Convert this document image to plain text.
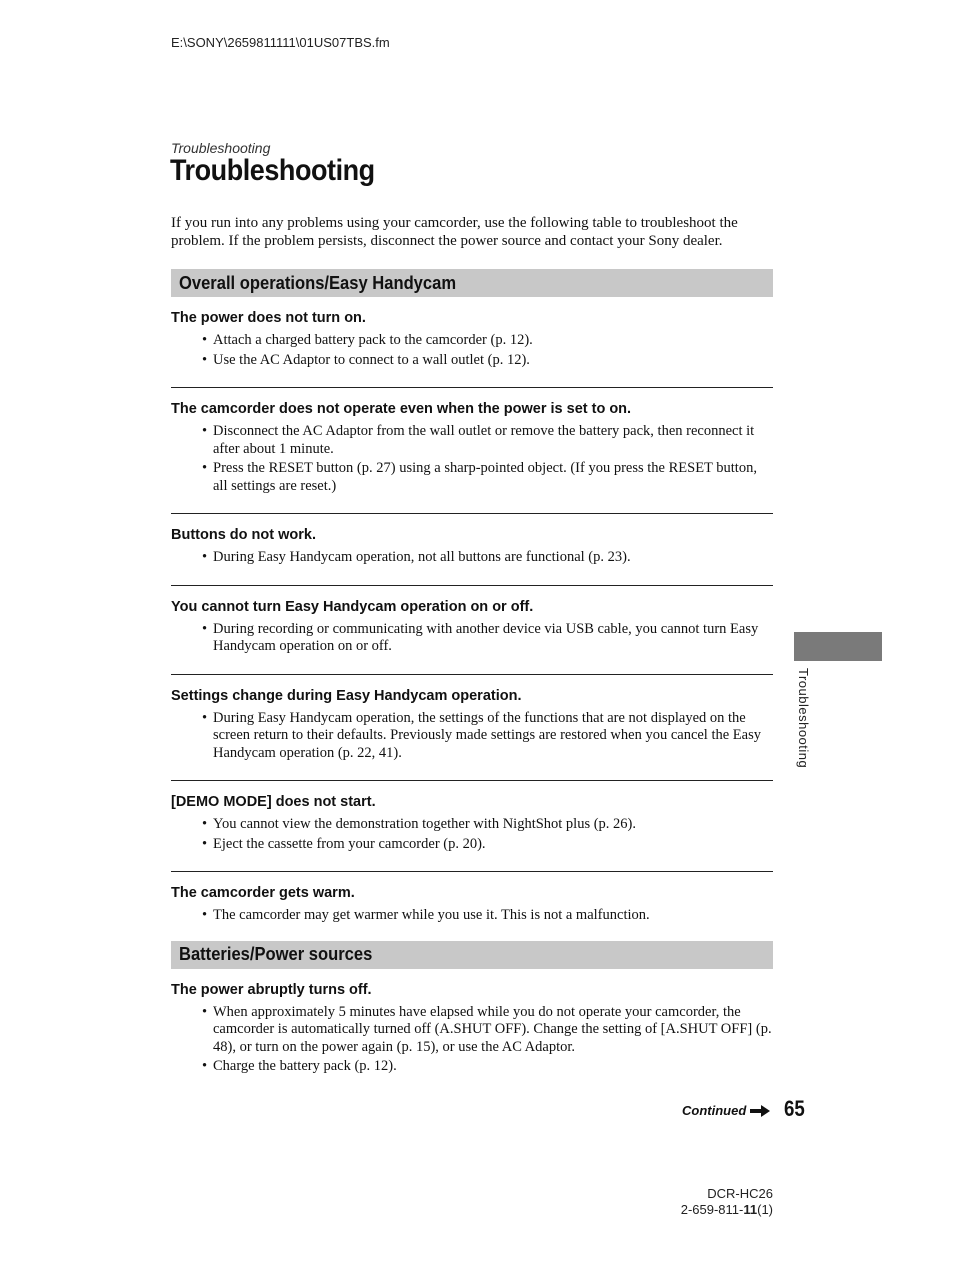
E:\SONY\2659811111\01US07TBS.fm
Troubleshooting
Troubleshooting

If you run into any problems using your camcorder, use the following table to troubleshoot the problem. If the problem persists, disconnect the power source and contact your Sony dealer.

Overall operations/Easy Handycam
The power does not turn on.
• Attach a charged battery pack to the camcorder (p. 12).
• Use the AC Adaptor to connect to a wall outlet (p. 12).
The camcorder does not operate even when the power is set to on.
• Disconnect the AC Adaptor from the wall outlet or remove the battery pack, then reconnect it after about 1 minute.
• Press the RESET button (p. 27) using a sharp-pointed object. (If you press the RESET button, all settings are reset.)
Buttons do not work.
• During Easy Handycam operation, not all buttons are functional (p. 23).
You cannot turn Easy Handycam operation on or off.
• During recording or communicating with another device via USB cable, you cannot turn Easy Handycam operation on or off.
Settings change during Easy Handycam operation.
• During Easy Handycam operation, the settings of the functions that are not displayed on the screen return to their defaults. Previously made settings are restored when you cancel the Easy Handycam operation (p. 22, 41).
[DEMO MODE] does not start.
• You cannot view the demonstration together with NightShot plus (p. 26).
• Eject the cassette from your camcorder (p. 20).
The camcorder gets warm.
• The camcorder may get warmer while you use it. This is not a malfunction.
Batteries/Power sources
The power abruptly turns off.
• When approximately 5 minutes have elapsed while you do not operate your camcorder, the camcorder is automatically turned off (A.SHUT OFF). Change the setting of [A.SHUT OFF] (p. 48), or turn on the power again (p. 15), or use the AC Adaptor.
• Charge the battery pack (p. 12).
Troubleshooting
Continued 65
DCR-HC26
2-659-811-11(1)
